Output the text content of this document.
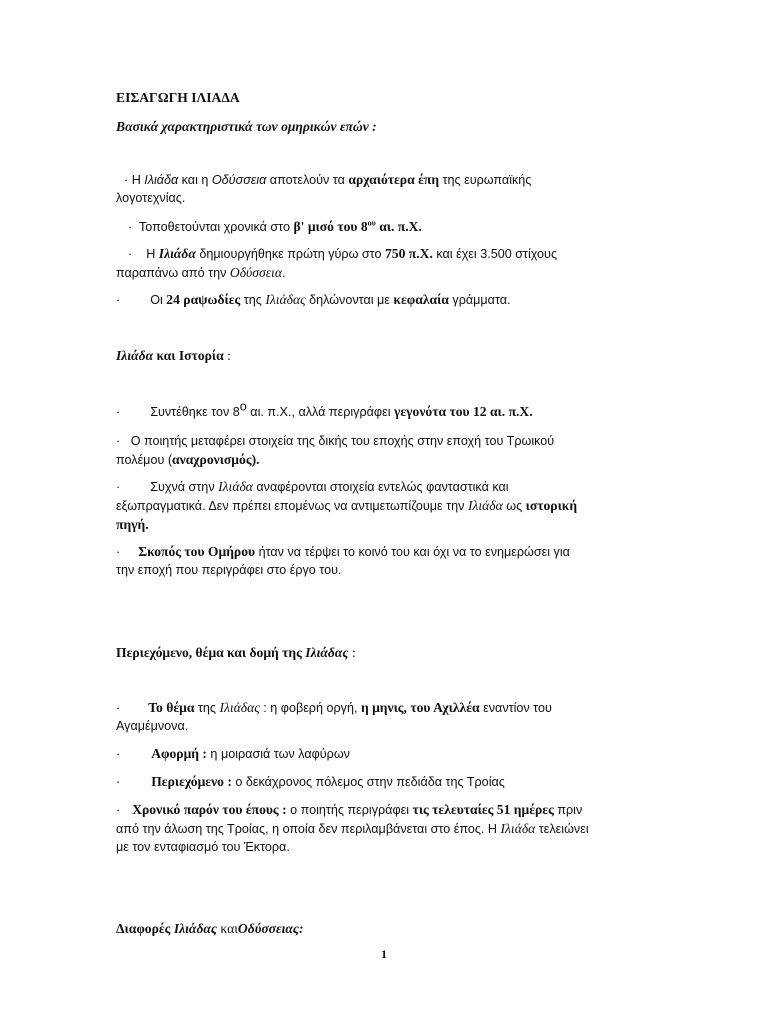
ΕΙΣΑΓΩΓΗ ΙΛΙΑΔΑ
Βασικά χαρακτηριστικά των ομηρικών επών :
· Η Ιλιάδα και η Οδύσσεια αποτελούν τα αρχαιότερα έπη της ευρωπαϊκής
λογοτεχνίας.
· Τοποθετούνται χρονικά στο β' μισό του $8^{o\upsilon}$ αι. π.Χ.
· Η Ιλιάδα δημιουργήθηκε πρώτη γύρω στο 750 π.Χ. και έχει 3.500 στίχους
παραπάνω από την Οδύσσεια.
· Οι 24 ραψωδίες της Ιλιάδας δηλώνονται με κεφαλαία γράμματα.
Ιλιάδα και Ιστορία :
· Συντέθηκε τον $8^o$ αι. π.Χ., αλλά περιγράφει γεγονότα του 12 αι. π.Χ.
· Ο ποιητής μεταφέρει στοιχεία της δικής του εποχής στην εποχή του Τρωικού
πολέμου (αναχρονισμός).
· Συχνά στην Ιλιάδα αναφέρονται στοιχεία εντελώς φανταστικά και
εξωπραγματικά. Δεν πρέπει επομένως να αντιμετωπίζουμε την Ιλιάδα ως ιστορική
πηγή.
· Σκοπός του Ομήρου ήταν να τέρψει το κοινό του και όχι να το ενημερώσει για
την εποχή που περιγράφει στο έργο του.
Περιεχόμενο, θέμα και δομή της Ιλιάδας :
· Το θέμα της Ιλιάδας : η φοβερή οργή, η μηνις, του Αχιλλέα εναντίον του
Αγαμέμνονα.
· Αφορμή : η μοιρασιά των λαφύρων
· Περιεχόμενο : ο δεκάχρονος πόλεμος στην πεδιάδα της Τροίας
· Χρονικό παρόν του έπους : ο ποιητής περιγράφει τις τελευταίες 51 ημέρες πριν
από την άλωση της Τροίας, η οποία δεν περιλαμβάνεται στο έπος. Η Ιλιάδα τελειώνει
με τον ενταφιασμό του Έκτορα.
Διαφορές Ιλιάδας καιΟδύσσειας:
1
